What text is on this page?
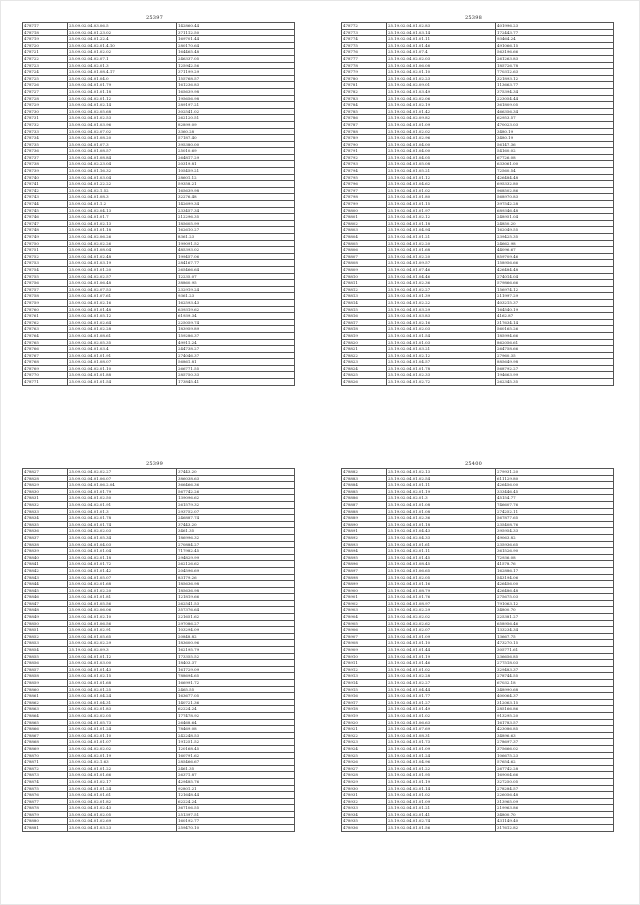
25397
478717	25.09.02.04.03.06.5	142860.44
478718	25.09.02.04.01.23.02	371112.50
478719	25.09.02.04.01.22.4	169701.44
478720	25.09.02.04.02.01.4.10	280170.64
478721	25.09.02.04.01.02.02	164465.48
478722	25.09.02.04.02.07.1	246337.05
478723	25.09.02.04.02.01.3	125942.56
478724	25.09.02.04.01.08.4.17	371199.29
478725	25.09.02.04.01.04.0	155768.57
478726	25.09.02.04.01.01.79	161236.83
478727	25.09.02.04.01.01.18	165639.98
478728	25.09.02.04.02.01.12	195656.98
478729	25.09.02.04.01.02.14	289197.21
478730	25.09.02.04.02.05.68	302541.02
478731	25.09.02.04.01.02.53	262120.51
478732	25.09.02.04.01.03.96	82899.09
478733	25.09.02.04.02.07.02	3360.28
478734	25.09.02.04.01.08.20	57187.40
478735	25.09.02.04.01.07.3	395380.00
478736	25.09.02.04.01.08.57	25010.69
478737	25.09.02.04.01.08.84	264817.29
478738	25.09.02.04.02.23.04	20319.81
478739	25.09.02.04.01.16.32	105459.21
478740	25.09.02.04.01.03.04	28601.12
478741	25.09.02.04.01.22.22	59358.21
478742	25.09.02.04.02.1.52	165639.98
478743	25.09.02.04.01.08.3	32276.48
478744	25.09.02.04.01.1.2	142699.34
478745	25.09.02.04.02.04.13	233457.34
478746	25.09.02.04.01.01.7	212296.35
478747	25.09.02.04.01.02.13	185605.99
478748	25.09.02.04.01.01.18	162610.27
478749	25.09.02.04.02.06.26	8361.23
478750	25.09.02.04.02.02.26	199091.52
478751	25.09.02.04.01.08.04	485393.02
478752	25.09.02.04.01.02.48	199457.06
478753	25.09.02.04.01.03.19	284167.77
478754	25.09.02.04.01.01.20	265466.64
478755	25.09.02.04.02.02.57	12235.07
478756	25.09.02.04.01.06.48	38860.95
478757	25.09.02.04.02.07.53	232919.24
478758	25.09.02.04.01.07.61	9361.23
478759	25.09.02.04.01.02.16	162593.43
478760	25.09.02.04.01.01.48	639319.62
478761	25.09.02.04.01.05.12	61939.34
478762	25.09.02.04.01.02.64	225059.74
478763	25.09.02.04.01.02.28	183959.89
478764	25.09.02.04.01.08.61	159286.37
478765	25.09.02.04.02.05.35	49911.24
478766	25.09.02.04.01.03.4	244738.27
478767	25.09.02.04.01.01.91	274046.37
478768	25.09.02.04.01.08.07	56861.81
478769	25.09.02.04.02.01.10	266771.55
478770	25.09.02.04.01.01.88	285750.33
478771	25.09.02.04.01.01.54	173845.41
25398
478772	25.19.02.04.01.02.83	401996.23
478773	25.19.02.04.01.03.14	172443.77
478774	25.19.02.04.01.01.11	93464.24
478775	25.19.02.04.01.01.46	491066.15
478776	25.19.02.04.01.07.4	563196.66
478777	25.19.02.04.02.02.03	261263.83
478778	25.19.02.04.01.06.08	185726.78
478779	25.19.02.04.02.01.10	770312.63
478780	25.19.02.04.01.02.23	321893.12
478781	25.19.02.04.02.09.01	113663.77
478782	25.19.02.04.01.03.49	375394.34
478783	25.19.02.04.02.02.06	223054.44
478784	25.19.02.04.01.02.19	361809.05
478785	25.19.02.04.01.01.42	466356.34
478786	25.19.02.04.02.09.82	62953.57
478787	25.19.02.04.01.01.09	470023.03
478788	25.19.02.04.01.02.02	3480.19
478789	25.19.02.04.01.02.96	3480.19
478790	25.19.02.04.01.04.00	56147.36
478791	25.19.02.04.01.04.00	54160.02
478792	25.19.02.04.01.04.05	67726.08
478793	25.19.02.04.01.05.08	633061.00
478794	25.19.02.04.01.05.21	72560.54
478795	25.19.02.04.01.01.12	426484.48
478796	25.19.02.04.01.04.62	695332.80
478797	25.19.02.04.01.01.02	968502.86
478798	25.19.02.04.01.01.80	568970.83
478799	25.19.02.04.01.01.15	397542.28
478800	25.19.02.04.01.01.97	689346.48
478801	25.19.02.04.01.02.12	248951.04
478802	25.19.02.04.01.01.18	24850.20
478803	25.19.02.04.01.04.94	162049.55
478804	25.19.02.04.01.01.21	239425.35
478805	25.19.02.04.01.02.20	24662.98
478806	25.19.02.04.01.01.68	44096.67
478807	25.19.02.04.01.02.20	859709.46
478808	25.19.02.04.01.09.57	158956.66
478809	25.19.02.04.01.07.46	426484.48
478810	25.19.02.04.01.04.46	274014.04
478811	25.19.02.04.01.02.36	579866.66
478812	25.19.02.04.01.02.27	156974.12
478813	25.19.02.04.01.01.39	211997.29
478814	25.19.02.04.01.02.22	403215.37
478815	25.19.02.04.01.03.29	164540.19
478816	25.19.02.04.01.03.83	4162.87
478817	25.19.02.04.01.02.16	317634.14
478818	25.19.02.04.01.02.03	560165.26
478819	25.19.02.04.01.01.54	185994.66
478820	25.19.02.04.01.01.03	862056.61
478821	25.19.02.04.01.03.21	264758.66
478822	25.19.02.04.01.02.12	27960.35
478823	25.19.02.04.01.04.57	885649.98
478824	25.19.02.04.01.01.78	568792.27
478825	25.19.02.04.01.02.33	194663.99
478826	25.19.02.04.01.02.72	262345.35
25399
478827	25.09.02.04.02.02.27	37443.20
478828	25.09.02.04.01.06.07	386038.63
478829	25.09.02.04.01.06.2.04	366466.36
478830	25.09.02.04.01.01.79	567742.26
478831	25.09.02.04.01.02.50	139096.62
478832	25.09.02.04.02.01.91	261579.32
478833	25.09.02.04.01.01.3	293752.07
478834	25.09.02.04.02.01.78	246887.74
478835	25.09.02.04.01.01.74	37443.20
478836	25.09.02.04.02.02.03	3461.35
478837	25.09.02.04.01.05.34	186996.32
478838	25.09.02.04.01.04.03	270884.27
478839	25.09.02.04.01.01.04	717982.45
478840	25.09.02.04.02.01.18	294829.99
478841	25.09.02.04.01.01.72	262126.62
478842	25.09.02.04.01.01.42	204596.69
478843	25.09.02.04.01.05.07	83179.26
478844	25.09.02.04.02.01.68	185636.98
478845	25.09.02.04.01.02.20	185636.98
478846	25.09.02.04.01.01.81	121819.66
478847	25.09.02.04.01.05.56	262541.53
478848	25.09.02.04.02.06.06	357376.64
478849	25.09.02.04.01.02.10	221651.62
478850	25.09.02.04.01.06.56	297086.27
478851	25.09.02.04.01.02.91	103294.09
478852	25.09.02.04.01.05.65	20848.82
478853	25.09.02.04.02.02.29	183600.96
478854	25.19.02.04.02.09.3	162195.79
478855	25.09.02.04.01.01.12	173355.52
478856	25.09.02.04.01.03.00	18403.37
478857	25.09.02.04.01.01.43	161729.09
478858	25.09.02.04.01.02.15	788694.65
478859	25.09.02.04.01.01.68	166991.72
478860	25.09.02.04.02.01.25	2465.55
478861	25.09.02.04.01.04.24	163677.05
478862	25.09.02.04.01.04.31	140721.36
478863	25.09.02.04.02.01.83	62224.24
478864	25.09.02.04.02.02.05	177478.92
478865	25.09.02.04.01.05.73	26468.64
478866	25.09.02.04.01.01.24	78469.08
478867	25.09.02.04.02.01.10	242248.53
478868	25.09.02.04.01.01.07	191251.52
478869	25.09.02.04.02.02.02	120168.45
478870	25.09.02.04.02.01.19	160791.62
478871	25.09.02.04.02.1.63	285466.67
478872	25.09.02.04.01.01.22	2461.35
478873	25.09.02.04.01.01.66	26371.87
478874	25.09.02.04.01.02.17	429485.76
478875	25.09.02.04.01.01.24	92801.21
478876	25.09.02.04.01.01.61	121648.44
478877	25.09.02.04.02.01.82	62224.24
478878	25.09.02.04.01.02.43	367106.55
478879	25.09.02.04.01.02.05	251397.51
478880	25.09.02.04.01.02.69	160192.77
478881	25.09.02.04.01.03.23	259470.10
25400
478882	25.19.02.04.01.02.13	279931.20
478883	25.19.02.04.01.02.54	611129.80
478884	25.19.02.04.01.01.11	426456.00
478885	25.19.02.04.02.01.19	333446.45
478886	25.19.02.04.02.01.3	45154.77
478887	25.19.02.04.01.01.08	746607.76
478888	25.19.02.04.01.01.08	274252.11
478889	25.19.02.04.01.02.36	567877.65
478890	25.19.02.04.01.01.18	235408.76
478891	25.19.02.04.01.04.43	395954.33
478892	25.19.02.04.02.04.33	49063.82
478893	25.19.02.04.01.01.61	235936.65
478894	25.19.02.04.02.01.11	361526.90
478895	25.19.02.04.01.01.45	72936.08
478896	25.19.02.04.01.08.45	41578.76
478897	25.19.02.04.01.06.65	162886.17
478898	25.19.02.04.01.02.05	543194.06
478899	25.19.02.04.01.01.16	426456.00
478900	25.19.02.04.01.08.79	426486.48
478901	25.19.02.04.01.01.76	275675.03
478902	25.19.02.04.01.08.97	791063.12
478903	25.19.02.04.02.02.29	34800.70
478904	25.19.02.04.02.02.02	225381.27
478905	25.19.02.04.02.02.62	658956.46
478906	25.19.02.04.01.02.07	133234.34
478907	25.19.02.04.01.01.09	13667.75
478908	25.19.02.04.01.01.10	473270.15
478909	25.19.02.04.01.01.44	305771.61
478910	25.19.02.04.01.01.19	236656.85
478911	25.19.02.04.01.01.46	277518.03
478912	25.19.02.04.01.01.02	329483.37
478913	25.19.02.04.01.02.28	278744.55
478914	25.19.02.04.01.02.27	67032.18
478915	25.19.02.04.01.04.44	348990.68
478916	25.19.02.04.01.01.77	400064.37
478917	25.19.02.04.01.01.27	312063.15
478918	25.19.02.04.01.01.49	285166.86
478919	25.19.02.04.01.01.02	913295.20
478920	25.19.02.04.01.06.63	161783.57
478921	25.19.02.04.01.07.69	423086.85
478922	25.19.02.04.01.08.31	34896.63
478923	25.19.02.04.01.01.73	278697.37
478924	25.19.02.04.01.01.09	375666.02
478925	25.19.02.04.01.01.24	106675.23
478926	25.19.02.04.01.04.96	57654.62
478927	25.19.02.04.01.01.22	267742.28
478928	25.19.02.04.01.01.95	169004.66
478929	25.19.02.04.01.01.19	327250.05
478930	25.19.02.04.02.01.14	278284.57
478931	25.19.02.04.01.01.02	226056.48
478932	25.19.02.04.01.01.09	313965.09
478933	25.19.02.04.01.01.21	219963.86
478934	25.19.02.04.02.01.41	34800.70
478935	25.19.02.04.01.02.74	431149.40
478936	25.19.02.04.01.01.56	317612.82
